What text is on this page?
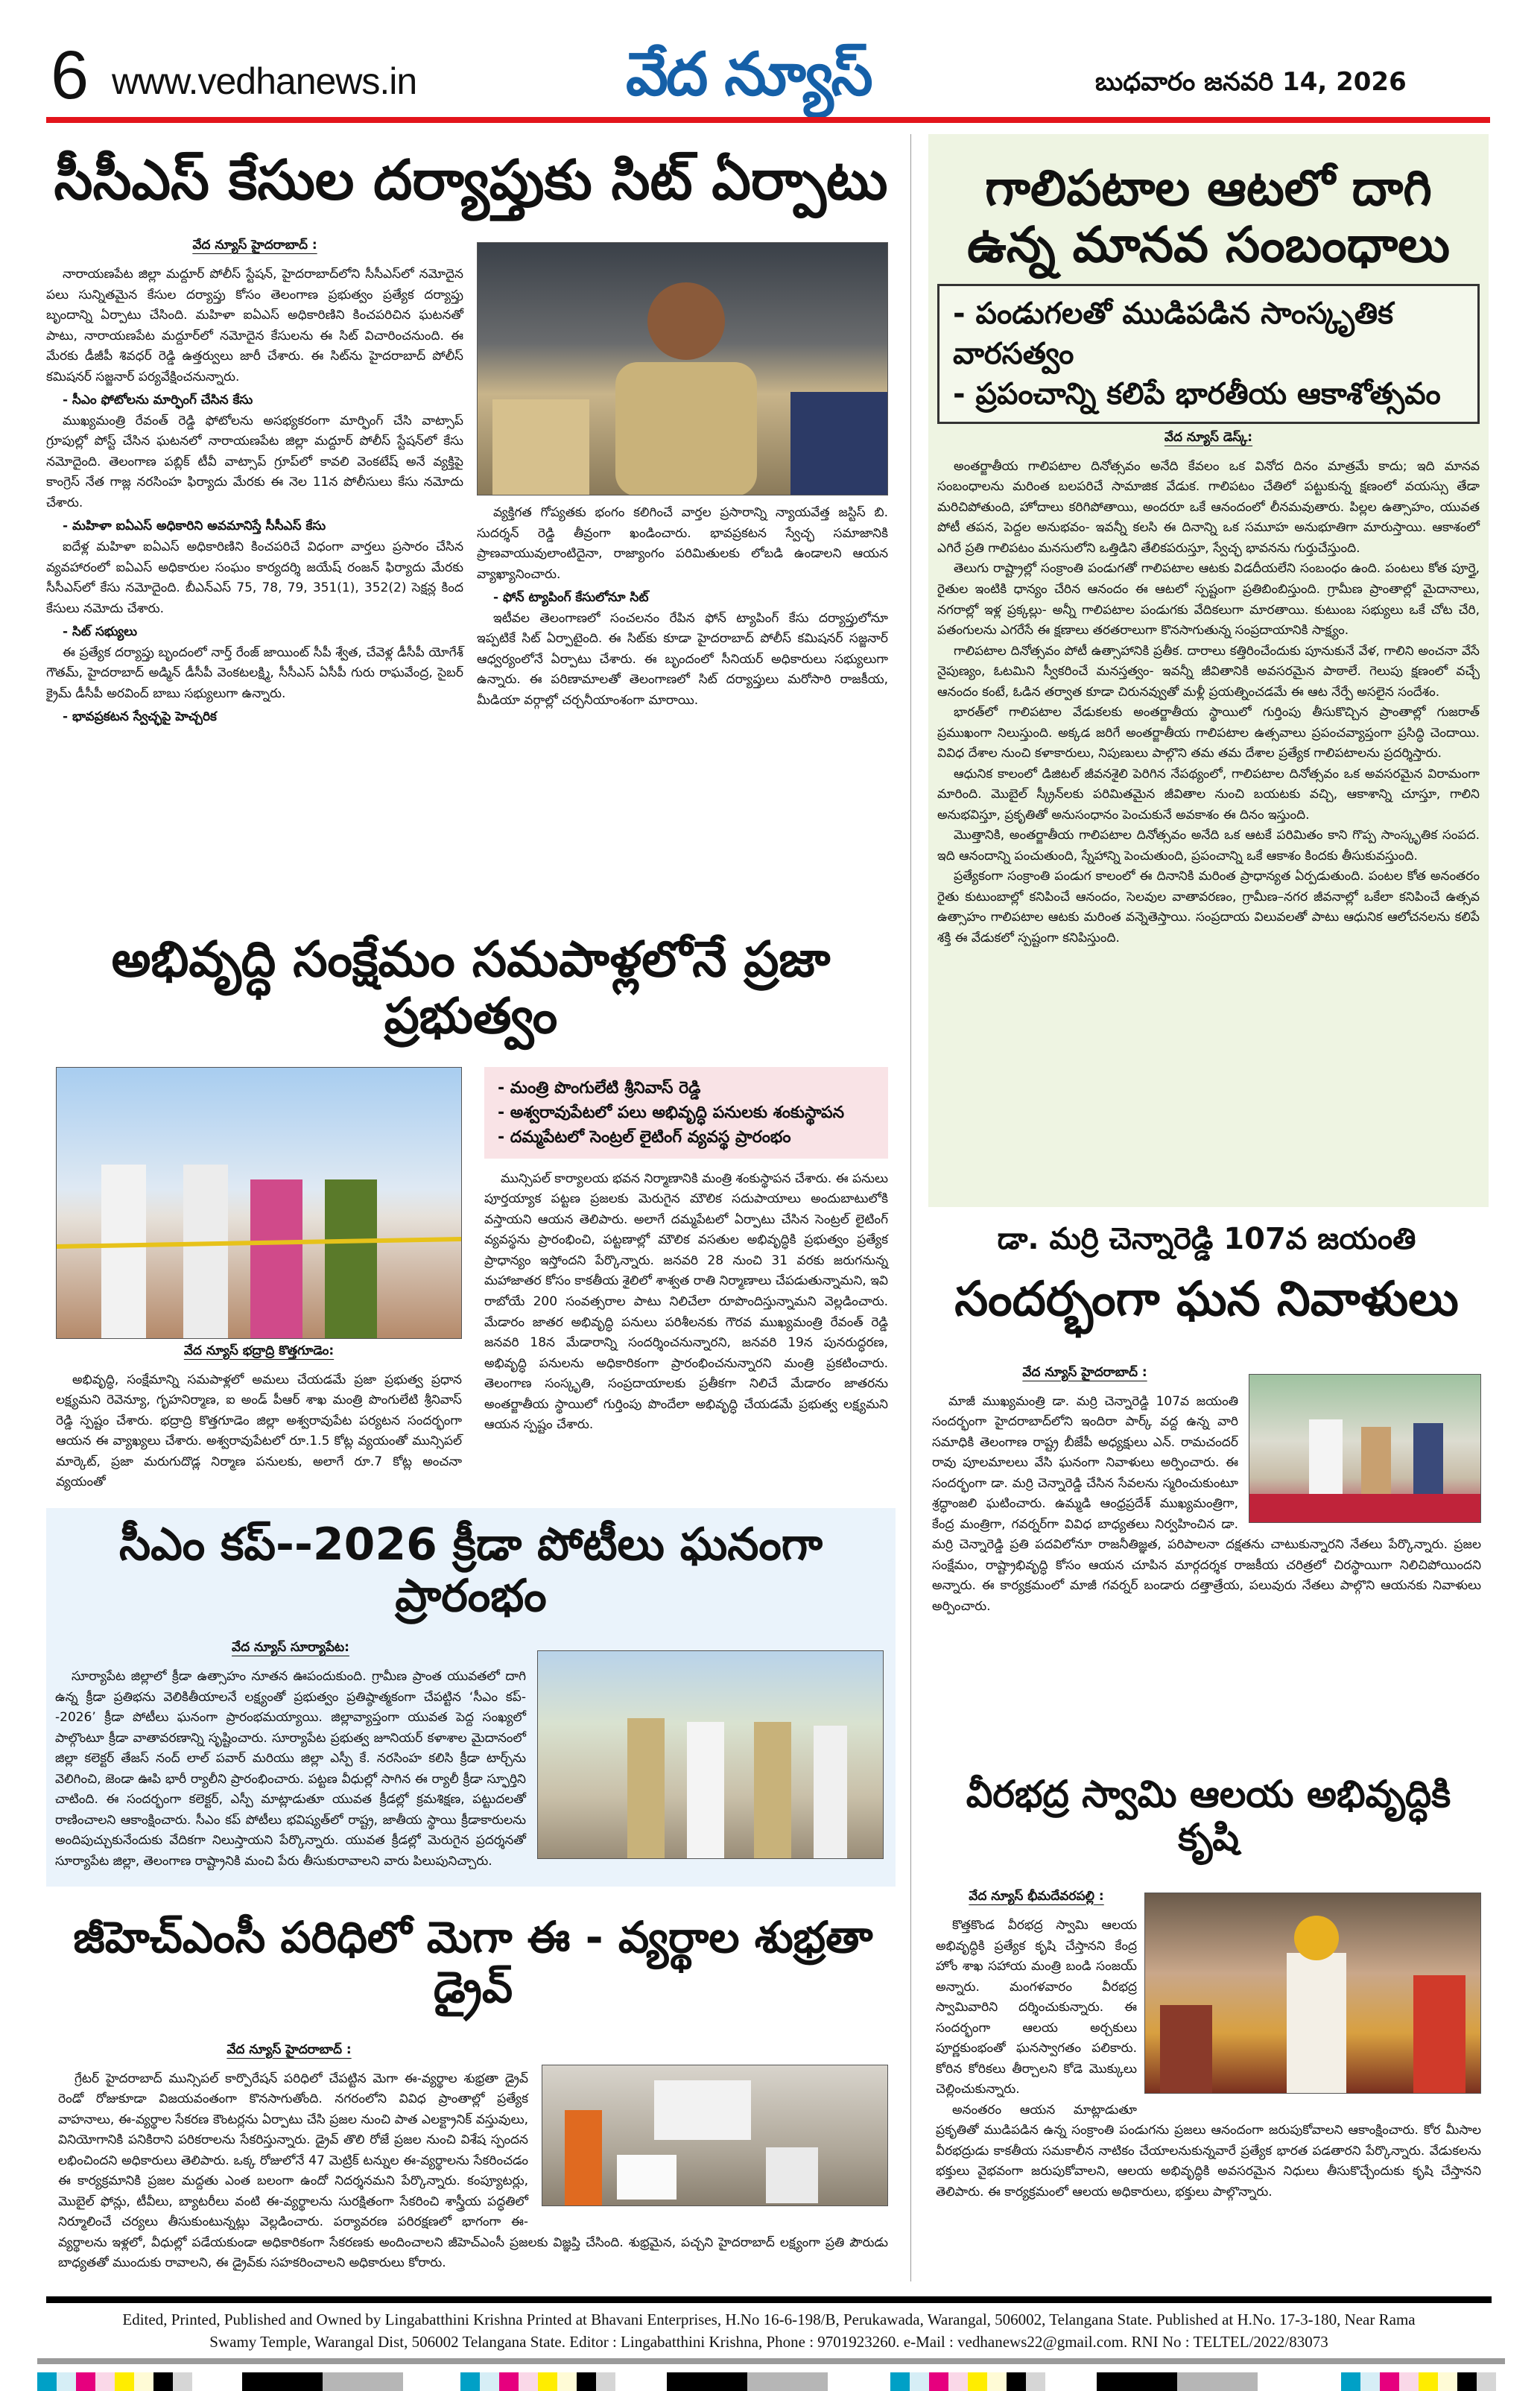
6 www.vedhanews.in	వేద న్యూస్	బుధవారం జనవరి 14, 2026
సీసీఎస్ కేసుల దర్యాప్తుకు సిట్ ఏర్పాటు
వేద న్యూస్ హైదరాబాద్ :

నారాయణపేట జిల్లా మద్దూర్ పోలీస్ స్టేషన్, హైదరాబాద్‌లోని సీసీఎస్‌లో నమోదైన పలు సున్నితమైన కేసుల దర్యాప్తు కోసం తెలంగాణ ప్రభుత్వం ప్రత్యేక దర్యాప్తు బృందాన్ని ఏర్పాటు చేసింది. మహిళా ఐఏఎస్ అధికారిణిని కించపరిచిన ఘటనతో పాటు, నారాయణపేట మద్దూర్‌లో నమోదైన కేసులను ఈ సిట్ విచారించనుంది. ఈ మేరకు డీజీపీ శివధర్ రెడ్డి ఉత్తర్వులు జారీ చేశారు. ఈ సిట్‌ను హైదరాబాద్ పోలీస్ కమిషనర్ సజ్జనార్ పర్యవేక్షించనున్నారు.

- సీఎం ఫోటోలను మార్ఫింగ్ చేసిన కేసు

ముఖ్యమంత్రి రేవంత్ రెడ్డి ఫోటోలను అసభ్యకరంగా మార్ఫింగ్ చేసి వాట్సాప్ గ్రూపుల్లో పోస్ట్ చేసిన ఘటనలో నారాయణపేట జిల్లా మద్దూర్ పోలీస్ స్టేషన్‌లో కేసు నమోదైంది. తెలంగాణ పబ్లిక్ టీవీ వాట్సాప్ గ్రూప్‌లో కావలి వెంకటేష్ అనే వ్యక్తిపై కాంగ్రెస్ నేత గాజ్ల నరసింహ ఫిర్యాదు మేరకు ఈ నెల 11న పోలీసులు కేసు నమోదు చేశారు.

- మహిళా ఐఏఎస్ అధికారిని అవమానిస్తే సీసీఎస్ కేసు

ఐదేళ్ల మహిళా ఐఏఎస్ అధికారిణిని కించపరిచే విధంగా వార్తలు ప్రసారం చేసిన వ్యవహారంలో ఐఏఎస్ అధికారుల సంఘం కార్యదర్శి జయేష్ రంజన్ ఫిర్యాదు మేరకు సీసీఎస్‌లో కేసు నమోదైంది. బీఎన్ఎస్ 75, 78, 79, 351(1), 352(2) సెక్షన్ల కింద కేసులు నమోదు చేశారు.

- సిట్ సభ్యులు

ఈ ప్రత్యేక దర్యాప్తు బృందంలో నార్త్ రేంజ్ జాయింట్ సీపీ శ్వేత, చేవెళ్ల డీసీపీ యోగేశ్ గౌతమ్, హైదరాబాద్ అడ్మిన్ డీసీపీ వెంకటలక్ష్మి, సీసీఎస్ ఏసీపీ గురు రాఘవేంద్ర, సైబర్ క్రైమ్ డీసీపీ అరవింద్ బాబు సభ్యులుగా ఉన్నారు.

- భావప్రకటన స్వేచ్ఛపై హెచ్చరిక

వ్యక్తిగత గోప్యతకు భంగం కలిగించే వార్తల ప్రసారాన్ని న్యాయవేత్త జస్టిస్ బి. సుదర్శన్ రెడ్డి తీవ్రంగా ఖండించారు. భావప్రకటన స్వేచ్ఛ సమాజానికి ప్రాణవాయువులాంటిదైనా, రాజ్యాంగం పరిమితులకు లోబడి ఉండాలని ఆయన వ్యాఖ్యానించారు.

- ఫోన్ ట్యాపింగ్ కేసులోనూ సిట్

ఇటీవల తెలంగాణలో సంచలనం రేపిన ఫోన్ ట్యాపింగ్ కేసు దర్యాప్తులోనూ ఇప్పటికే సిట్ ఏర్పాటైంది. ఈ సిట్‌కు కూడా హైదరాబాద్ పోలీస్ కమిషనర్ సజ్జనార్ ఆధ్వర్యంలోనే ఏర్పాటు చేశారు. ఈ బృందంలో సీనియర్ అధికారులు సభ్యులుగా ఉన్నారు. ఈ పరిణామాలతో తెలంగాణలో సిట్ దర్యాప్తులు మరోసారి రాజకీయ, మీడియా వర్గాల్లో చర్చనీయాంశంగా మారాయి.

అభివృద్ధి సంక్షేమం సమపాళ్లలోనే ప్రజా ప్రభుత్వం
వేద న్యూస్ భద్రాద్రి కొత్తగూడెం:

అభివృద్ధి, సంక్షేమాన్ని సమపాళ్లలో అమలు చేయడమే ప్రజా ప్రభుత్వ ప్రధాన లక్ష్యమని రెవెన్యూ, గృహనిర్మాణ, ఐ అండ్ పీఆర్ శాఖ మంత్రి పొంగులేటి శ్రీనివాస్ రెడ్డి స్పష్టం చేశారు. భద్రాద్రి కొత్తగూడెం జిల్లా అశ్వరావుపేట పర్యటన సందర్భంగా ఆయన ఈ వ్యాఖ్యలు చేశారు. అశ్వరావుపేటలో రూ.1.5 కోట్ల వ్యయంతో మున్సిపల్ మార్కెట్, ప్రజా మరుగుదొడ్ల నిర్మాణ పనులకు, అలాగే రూ.7 కోట్ల అంచనా వ్యయంతో

- మంత్రి పొంగులేటి శ్రీనివాస్ రెడ్డి
- అశ్వరావుపేటలో పలు అభివృద్ధి పనులకు శంకుస్థాపన
- దమ్మపేటలో సెంట్రల్ లైటింగ్ వ్యవస్థ ప్రారంభం

మున్సిపల్ కార్యాలయ భవన నిర్మాణానికి మంత్రి శంకుస్థాపన చేశారు. ఈ పనులు పూర్తయ్యాక పట్టణ ప్రజలకు మెరుగైన మౌలిక సదుపాయాలు అందుబాటులోకి వస్తాయని ఆయన తెలిపారు. అలాగే దమ్మపేటలో ఏర్పాటు చేసిన సెంట్రల్ లైటింగ్ వ్యవస్థను ప్రారంభించి, పట్టణాల్లో మౌలిక వసతుల అభివృద్ధికి ప్రభుత్వం ప్రత్యేక ప్రాధాన్యం ఇస్తోందని పేర్కొన్నారు. జనవరి 28 నుంచి 31 వరకు జరుగనున్న మహాజాతర కోసం కాకతీయ శైలిలో శాశ్వత రాతి నిర్మాణాలు చేపడుతున్నామని, ఇవి రాబోయే 200 సంవత్సరాల పాటు నిలిచేలా రూపొందిస్తున్నామని వెల్లడించారు. మేడారం జాతర అభివృద్ధి పనులు పరిశీలనకు గౌరవ ముఖ్యమంత్రి రేవంత్ రెడ్డి జనవరి 18న మేడారాన్ని సందర్శించనున్నారని, జనవరి 19న పునరుద్ధరణ, అభివృద్ధి పనులను అధికారికంగా ప్రారంభించనున్నారని మంత్రి ప్రకటించారు. తెలంగాణ సంస్కృతి, సంప్రదాయాలకు ప్రతీకగా నిలిచే మేడారం జాతరను అంతర్జాతీయ స్థాయిలో గుర్తింపు పొందేలా అభివృద్ధి చేయడమే ప్రభుత్వ లక్ష్యమని ఆయన స్పష్టం చేశారు.

సీఎం కప్--2026 క్రీడా పోటీలు ఘనంగా ప్రారంభం
వేద న్యూస్ సూర్యాపేట:

సూర్యాపేట జిల్లాలో క్రీడా ఉత్సాహం నూతన ఊపందుకుంది. గ్రామీణ ప్రాంత యువతలో దాగి ఉన్న క్రీడా ప్రతిభను వెలికితీయాలనే లక్ష్యంతో ప్రభుత్వం ప్రతిష్ఠాత్మకంగా చేపట్టిన ‘సీఎం కప్--2026’ క్రీడా పోటీలు ఘనంగా ప్రారంభమయ్యాయి. జిల్లావ్యాప్తంగా యువత పెద్ద సంఖ్యలో పాల్గొంటూ క్రీడా వాతావరణాన్ని సృష్టించారు. సూర్యాపేట ప్రభుత్వ జూనియర్ కళాశాల మైదానంలో జిల్లా కలెక్టర్ తేజస్ నంద్ లాల్ పవార్ మరియు జిల్లా ఎస్పీ కే. నరసింహ కలిసి క్రీడా టార్చ్‌ను వెలిగించి, జెండా ఊపి భారీ ర్యాలీని ప్రారంభించారు. పట్టణ వీధుల్లో సాగిన ఈ ర్యాలీ క్రీడా స్ఫూర్తిని చాటింది. ఈ సందర్భంగా కలెక్టర్, ఎస్పీ మాట్లాడుతూ యువత క్రీడల్లో క్రమశిక్షణ, పట్టుదలతో రాణించాలని ఆకాంక్షించారు. సీఎం కప్ పోటీలు భవిష్యత్‌లో రాష్ట్ర, జాతీయ స్థాయి క్రీడాకారులను అందిపుచ్చుకునేందుకు వేదికగా నిలుస్తాయని పేర్కొన్నారు. యువత క్రీడల్లో మెరుగైన ప్రదర్శనతో సూర్యాపేట జిల్లా, తెలంగాణ రాష్ట్రానికి మంచి పేరు తీసుకురావాలని వారు పిలుపునిచ్చారు.

జీహెచ్‌ఎంసీ పరిధిలో మెగా ఈ - వ్యర్థాల శుభ్రతా డ్రైవ్
వేద న్యూస్ హైదరాబాద్ :

గ్రేటర్ హైదరాబాద్ మున్సిపల్ కార్పొరేషన్ పరిధిలో చేపట్టిన మెగా ఈ-వ్యర్థాల శుభ్రతా డ్రైవ్ రెండో రోజుకూడా విజయవంతంగా కొనసాగుతోంది. నగరంలోని వివిధ ప్రాంతాల్లో ప్రత్యేక వాహనాలు, ఈ-వ్యర్థాల సేకరణ కౌంటర్లను ఏర్పాటు చేసి ప్రజల నుంచి పాత ఎలక్ట్రానిక్ వస్తువులు, వినియోగానికి పనికిరాని పరికరాలను సేకరిస్తున్నారు. డ్రైవ్ తొలి రోజే ప్రజల నుంచి విశేష స్పందన లభించిందని అధికారులు తెలిపారు. ఒక్క రోజులోనే 47 మెట్రిక్ టన్నుల ఈ-వ్యర్థాలను సేకరించడం ఈ కార్యక్రమానికి ప్రజల మద్దతు ఎంత బలంగా ఉందో నిదర్శనమని పేర్కొన్నారు. కంప్యూటర్లు, మొబైల్ ఫోన్లు, టీవీలు, బ్యాటరీలు వంటి ఈ-వ్యర్థాలను సురక్షితంగా సేకరించి శాస్త్రీయ పద్ధతిలో నిర్మూలించే చర్యలు తీసుకుంటున్నట్లు వెల్లడించారు. పర్యావరణ పరిరక్షణలో భాగంగా ఈ-వ్యర్థాలను ఇళ్లలో, వీధుల్లో పడేయకుండా అధికారికంగా సేకరణకు అందించాలని జీహెచ్‌ఎంసీ ప్రజలకు విజ్ఞప్తి చేసింది. శుభ్రమైన, పచ్చని హైదరాబాద్ లక్ష్యంగా ప్రతి పౌరుడు బాధ్యతతో ముందుకు రావాలని, ఈ డ్రైవ్‌కు సహకరించాలని అధికారులు కోరారు.

గాలిపటాల ఆటలో దాగి
ఉన్న మానవ సంబంధాలు
- పండుగలతో ముడిపడిన సాంస్కృతిక వారసత్వం
- ప్రపంచాన్ని కలిపే భారతీయ ఆకాశోత్సవం
వేద న్యూస్ డెస్క్:

అంతర్జాతీయ గాలిపటాల దినోత్సవం అనేది కేవలం ఒక వినోద దినం మాత్రమే కాదు; ఇది మానవ సంబంధాలను మరింత బలపరిచే సామాజిక వేడుక. గాలిపటం చేతిలో పట్టుకున్న క్షణంలో వయస్సు తేడా మరిచిపోతుంది, హోదాలు కరిగిపోతాయి, అందరూ ఒకే ఆనందంలో లీనమవుతారు. పిల్లల ఉత్సాహం, యువత పోటీ తపన, పెద్దల అనుభవం- ఇవన్నీ కలసి ఈ దినాన్ని ఒక సమూహ అనుభూతిగా మారుస్తాయి. ఆకాశంలో ఎగిరే ప్రతి గాలిపటం మనసులోని ఒత్తిడిని తేలికపరుస్తూ, స్వేచ్ఛ భావనను గుర్తుచేస్తుంది.

తెలుగు రాష్ట్రాల్లో సంక్రాంతి పండుగతో గాలిపటాల ఆటకు విడదీయలేని సంబంధం ఉంది. పంటలు కోత పూర్తై, రైతుల ఇంటికి ధాన్యం చేరిన ఆనందం ఈ ఆటలో స్పష్టంగా ప్రతిబింబిస్తుంది. గ్రామీణ ప్రాంతాల్లో మైదానాలు, నగరాల్లో ఇళ్ల ప్రక్కల్లు- అన్నీ గాలిపటాల పండుగకు వేదికలుగా మారతాయి. కుటుంబ సభ్యులు ఒకే చోట చేరి, పతంగులను ఎగరేసే ఈ క్షణాలు తరతరాలుగా కొనసాగుతున్న సంప్రదాయానికి సాక్ష్యం.

గాలిపటాల దినోత్సవం పోటీ ఉత్సాహానికి ప్రతీక. దారాలు కత్తిరించేందుకు పూనుకునే వేళ, గాలిని అంచనా వేసే నైపుణ్యం, ఓటమిని స్వీకరించే మనస్తత్వం- ఇవన్నీ జీవితానికి అవసరమైన పాఠాలే. గెలుపు క్షణంలో వచ్చే ఆనందం కంటే, ఓడిన తర్వాత కూడా చిరునవ్వుతో మళ్లీ ప్రయత్నించడమే ఈ ఆట నేర్పే అసలైన సందేశం.

భారత్‌లో గాలిపటాల వేడుకలకు అంతర్జాతీయ స్థాయిలో గుర్తింపు తీసుకొచ్చిన ప్రాంతాల్లో గుజరాత్ ప్రముఖంగా నిలుస్తుంది. అక్కడ జరిగే అంతర్జాతీయ గాలిపటాల ఉత్సవాలు ప్రపంచవ్యాప్తంగా ప్రసిద్ధి చెందాయి. వివిధ దేశాల నుంచి కళాకారులు, నిపుణులు పాల్గొని తమ తమ దేశాల ప్రత్యేక గాలిపటాలను ప్రదర్శిస్తారు.

ఆధునిక కాలంలో డిజిటల్ జీవనశైలి పెరిగిన నేపథ్యంలో, గాలిపటాల దినోత్సవం ఒక అవసరమైన విరామంగా మారింది. మొబైల్ స్క్రీన్‌లకు పరిమితమైన జీవితాల నుంచి బయటకు వచ్చి, ఆకాశాన్ని చూస్తూ, గాలిని అనుభవిస్తూ, ప్రకృతితో అనుసంధానం పెంచుకునే అవకాశం ఈ దినం ఇస్తుంది.

మొత్తానికి, అంతర్జాతీయ గాలిపటాల దినోత్సవం అనేది ఒక ఆటకే పరిమితం కాని గొప్ప సాంస్కృతిక సంపద. ఇది ఆనందాన్ని పంచుతుంది, స్నేహాన్ని పెంచుతుంది, ప్రపంచాన్ని ఒకే ఆకాశం కిందకు తీసుకువస్తుంది.

ప్రత్యేకంగా సంక్రాంతి పండుగ కాలంలో ఈ దినానికి మరింత ప్రాధాన్యత ఏర్పడుతుంది. పంటల కోత అనంతరం రైతు కుటుంబాల్లో కనిపించే ఆనందం, సెలవుల వాతావరణం, గ్రామీణ–నగర జీవనాల్లో ఒకేలా కనిపించే ఉత్సవ ఉత్సాహం గాలిపటాల ఆటకు మరింత వన్నెతెస్తాయి. సంప్రదాయ విలువలతో పాటు ఆధునిక ఆలోచనలను కలిపే శక్తి ఈ వేడుకలో స్పష్టంగా కనిపిస్తుంది.

డా. మర్రి చెన్నారెడ్డి 107వ జయంతి
సందర్భంగా ఘన నివాళులు
వేద న్యూస్ హైదరాబాద్ :

మాజీ ముఖ్యమంత్రి డా. మర్రి చెన్నారెడ్డి 107వ జయంతి సందర్భంగా హైదరాబాద్‌లోని ఇందిరా పార్క్ వద్ద ఉన్న వారి సమాధికి తెలంగాణ రాష్ట్ర బీజేపీ అధ్యక్షులు ఎన్. రామచందర్ రావు పూలమాలలు వేసి ఘనంగా నివాళులు అర్పించారు. ఈ సందర్భంగా డా. మర్రి చెన్నారెడ్డి చేసిన సేవలను స్మరించుకుంటూ శ్రద్ధాంజలి ఘటించారు. ఉమ్మడి ఆంధ్రప్రదేశ్ ముఖ్యమంత్రిగా, కేంద్ర మంత్రిగా, గవర్నర్‌గా వివిధ బాధ్యతలు నిర్వహించిన డా. మర్రి చెన్నారెడ్డి ప్రతి పదవిలోనూ రాజనీతిజ్ఞత, పరిపాలనా దక్షతను చాటుకున్నారని నేతలు పేర్కొన్నారు. ప్రజల సంక్షేమం, రాష్ట్రాభివృద్ధి కోసం ఆయన చూపిన మార్గదర్శక రాజకీయ చరిత్రలో చిరస్థాయిగా నిలిచిపోయిందని అన్నారు. ఈ కార్యక్రమంలో మాజీ గవర్నర్ బండారు దత్తాత్రేయ, పలువురు నేతలు పాల్గొని ఆయనకు నివాళులు అర్పించారు.

వీరభద్ర స్వామి ఆలయ అభివృద్ధికి కృషి
వేద న్యూస్ భీమదేవరపల్లి :

కొత్తకొండ వీరభద్ర స్వామి ఆలయ అభివృద్ధికి ప్రత్యేక కృషి చేస్తానని కేంద్ర హోం శాఖ సహాయ మంత్రి బండి సంజయ్ అన్నారు. మంగళవారం వీరభద్ర స్వామివారిని దర్శించుకున్నారు. ఈ సందర్భంగా ఆలయ అర్చకులు పూర్ణకుంభంతో ఘనస్వాగతం పలికారు. కోరిన కోరికలు తీర్చాలని కోడె మొక్కులు చెల్లించుకున్నారు.

అనంతరం ఆయన మాట్లాడుతూ ప్రకృతితో ముడిపడిన ఉన్న సంక్రాంతి పండుగను ప్రజలు ఆనందంగా జరుపుకోవాలని ఆకాంక్షించారు. కోర మీసాల వీరభద్రుడు కాకతీయ సమకాలీన నాటికం చేయాలనుకున్నవారే ప్రత్యేక భారత పడతారని పేర్కొన్నారు. వేడుకలను భక్తులు వైభవంగా జరుపుకోవాలని, ఆలయ అభివృద్ధికి అవసరమైన నిధులు తీసుకొచ్చేందుకు కృషి చేస్తానని తెలిపారు. ఈ కార్యక్రమంలో ఆలయ అధికారులు, భక్తులు పాల్గొన్నారు.

Edited, Printed, Published and Owned by Lingabatthini Krishna Printed at Bhavani Enterprises, H.No 16-6-198/B, Perukawada, Warangal, 506002, Telangana State. Published at H.No. 17-3-180, Near Rama
Swamy Temple, Warangal Dist, 506002 Telangana State. Editor : Lingabatthini Krishna, Phone : 9701923260. e-Mail : vedhanews22@gmail.com. RNI No : TELTEL/2022/83073
